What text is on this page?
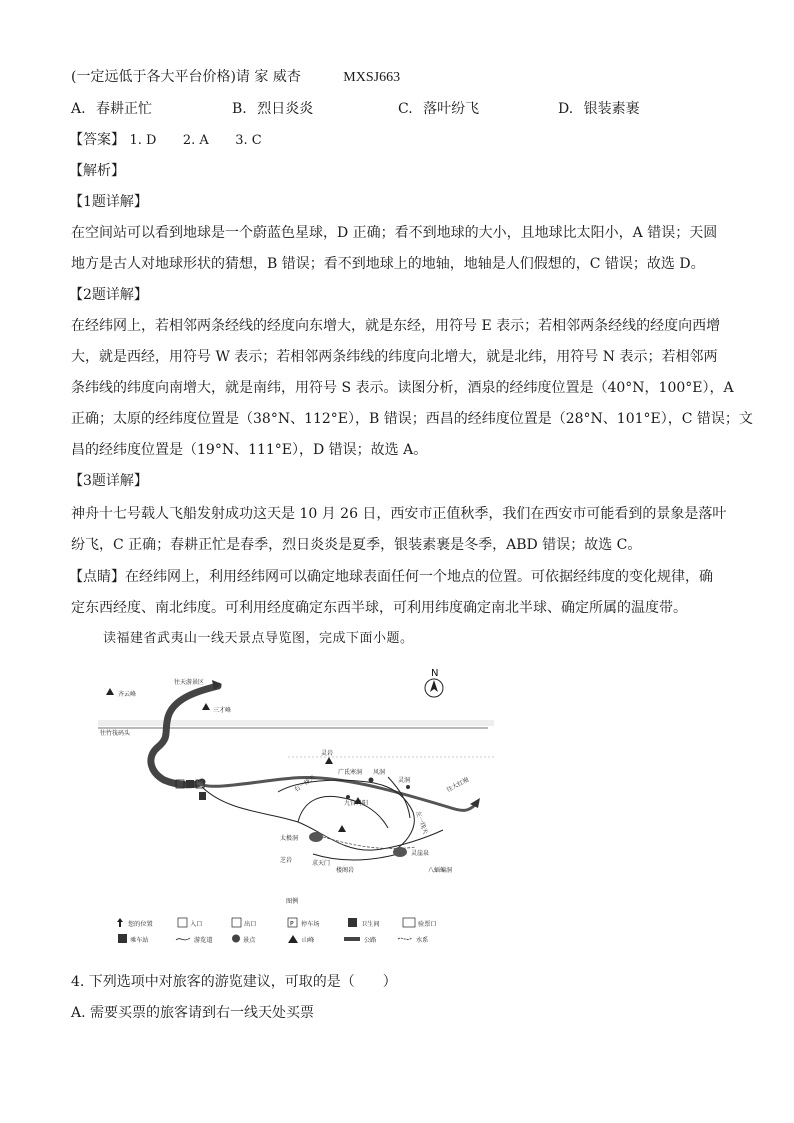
(一定远低于各大平台价格)请 家 威杏	MXSJ663
A. 春耕正忙	B. 烈日炎炎	C. 落叶纷飞	D. 银装素裹
【答案】 1. D 2. A 3. C
【解析】
【1题详解】
在空间站可以看到地球是一个蔚蓝色星球，D 正确；看不到地球的大小，且地球比太阳小，A 错误；天圆
地方是古人对地球形状的猜想，B 错误；看不到地球上的地轴，地轴是人们假想的，C 错误；故选 D。
【2题详解】
在经纬网上，若相邻两条经线的经度向东增大，就是东经，用符号 E 表示；若相邻两条经线的经度向西增
大，就是西经，用符号 W 表示；若相邻两条纬线的纬度向北增大，就是北纬，用符号 N 表示；若相邻两
条纬线的纬度向南增大，就是南纬，用符号 S 表示。读图分析，酒泉的经纬度位置是（40°N，100°E），A
正确；太原的经纬度位置是（38°N、112°E），B 错误；西昌的经纬度位置是（28°N、101°E），C 错误；文
昌的经纬度位置是（19°N、111°E），D 错误；故选 A。
【3题详解】
神舟十七号载人飞船发射成功这天是 10 月 26 日，西安市正值秋季，我们在西安市可能看到的景象是落叶
纷飞，C 正确；春耕正忙是春季，烈日炎炎是夏季，银装素裹是冬季，ABD 错误；故选 C。
【点睛】在经纬网上，利用经纬网可以确定地球表面任何一个地点的位置。可依据经纬度的变化规律，确
定东西经度、南北纬度。可利用经度确定东西半球，可利用纬度确定南北半球、确定所属的温度带。
读福建省武夷山一线天景点导览图，完成下面小题。
N
齐云峰
往天游景区
往竹筏码头
三才峰
灵岩
广氐寒洞 风洞
灵洞
右一线天
九宫丹阳
往大红袍
太极洞
芝岩	求天门
楼阁岩
灵崖泉
八蝠蝙洞
左一线天
图例
您的位置	入口	出口	P 停车场	卫生间	验票口
乘车站	游览道	景点	山峰	公路	水系
4. 下列选项中对旅客的游览建议，可取的是（　　）
A. 需要买票的旅客请到右一线天处买票
